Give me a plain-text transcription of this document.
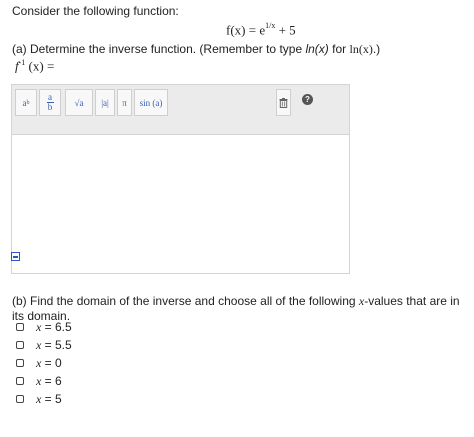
Consider the following function:
$f(x) = e^{1/x} + 5$
(a) Determine the inverse function. (Remember to type ln(x) for ln(x).)
$f^{-1}$ (x) =
a b $\frac{a}{b}$	√a	|a|	π	sin (a)	?
(b) Find the domain of the inverse and choose all of the following x-values that are in its domain.
x = 6.5
x = 5.5
x = 0
x = 6
x = 5
